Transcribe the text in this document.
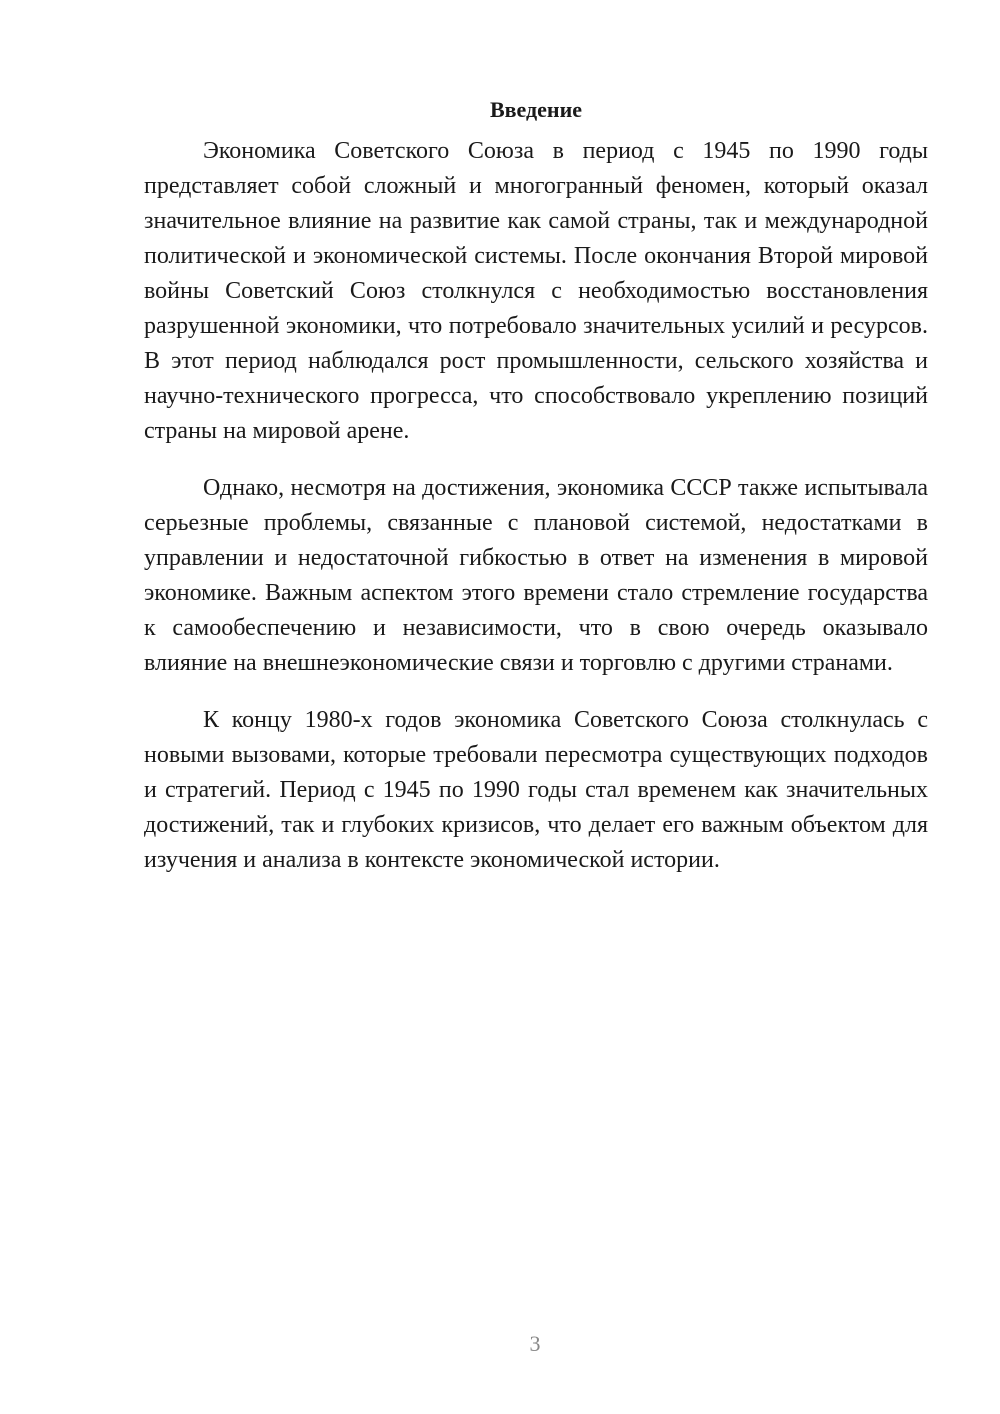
Введение

Экономика Советского Союза в период с 1945 по 1990 годы представляет собой сложный и многогранный феномен, который оказал значительное влияние на развитие как самой страны, так и международной политической и экономической системы. После окончания Второй мировой войны Советский Союз столкнулся с необходимостью восстановления разрушенной экономики, что потребовало значительных усилий и ресурсов. В этот период наблюдался рост промышленности, сельского хозяйства и научно-технического прогресса, что способствовало укреплению позиций страны на мировой арене.

Однако, несмотря на достижения, экономика СССР также испытывала серьезные проблемы, связанные с плановой системой, недостатками в управлении и недостаточной гибкостью в ответ на изменения в мировой экономике. Важным аспектом этого времени стало стремление государства к самообеспечению и независимости, что в свою очередь оказывало влияние на внешнеэкономические связи и торговлю с другими странами.

К концу 1980-х годов экономика Советского Союза столкнулась с новыми вызовами, которые требовали пересмотра существующих подходов и стратегий. Период с 1945 по 1990 годы стал временем как значительных достижений, так и глубоких кризисов, что делает его важным объектом для изучения и анализа в контексте экономической истории.

3
